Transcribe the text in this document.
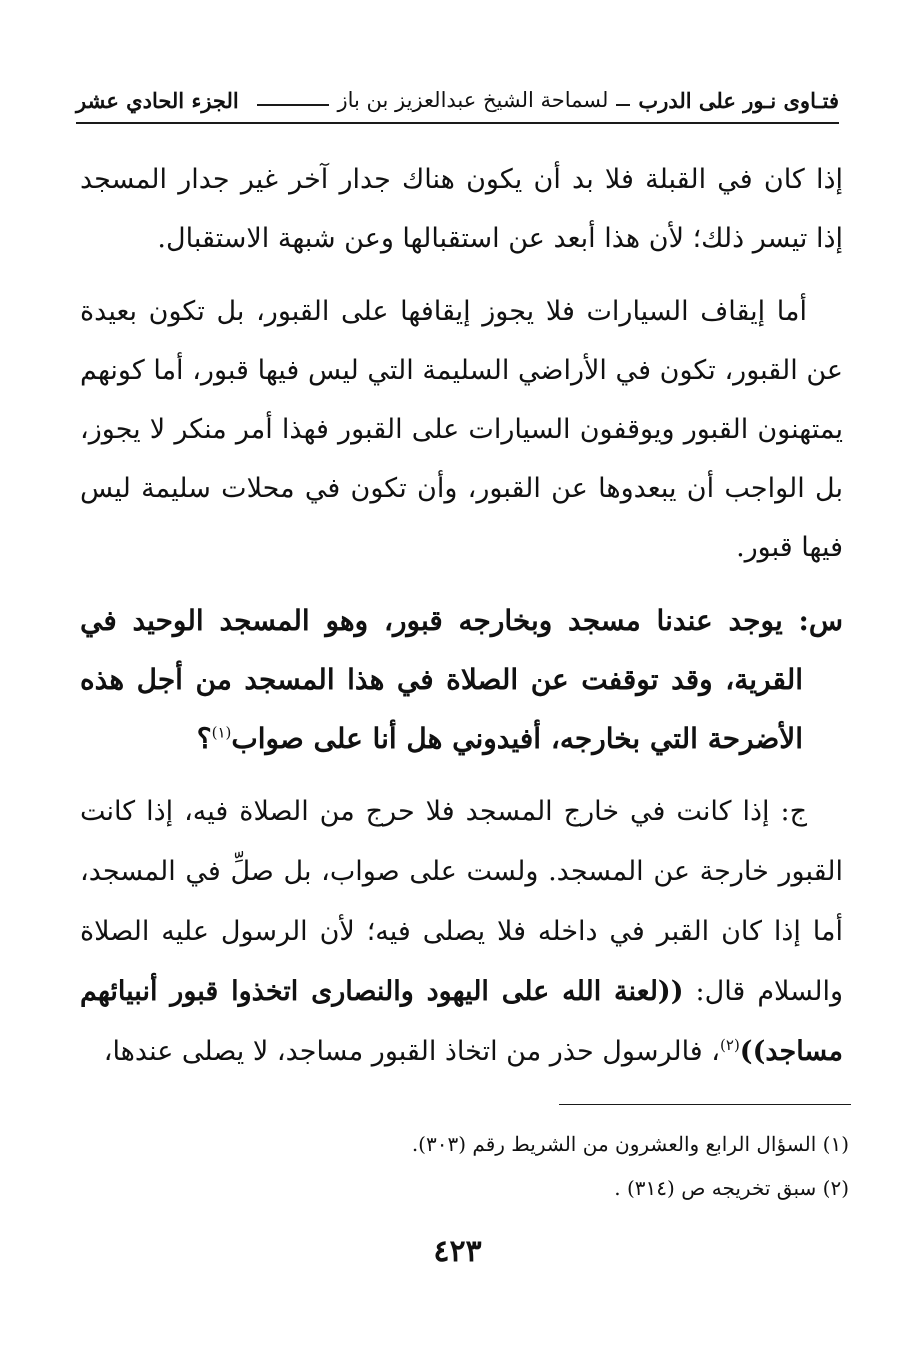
فتـاوى نـور على الدرب
لسماحة الشيخ عبدالعزيز بن باز
الجزء الحادي عشر

إذا كان في القبلة فلا بد أن يكون هناك جدار آخر غير جدار المسجد إذا تيسر ذلك؛ لأن هذا أبعد عن استقبالها وعن شبهة الاستقبال.

أما إيقاف السيارات فلا يجوز إيقافها على القبور، بل تكون بعيدة عن القبور، تكون في الأراضي السليمة التي ليس فيها قبور، أما كونهم يمتهنون القبور ويوقفون السيارات على القبور فهذا أمر منكر لا يجوز، بل الواجب أن يبعدوها عن القبور، وأن تكون في محلات سليمة ليس فيها قبور.

س: يوجد عندنا مسجد وبخارجه قبور، وهو المسجد الوحيد في القرية، وقد توقفت عن الصلاة في هذا المسجد من أجل هذه الأضرحة التي بخارجه، أفيدوني هل أنا على صواب$^{(١)}$؟

ج: إذا كانت في خارج المسجد فلا حرج من الصلاة فيه، إذا كانت القبور خارجة عن المسجد. ولست على صواب، بل صلِّ في المسجد، أما إذا كان القبر في داخله فلا يصلى فيه؛ لأن الرسول عليه الصلاة والسلام قال: ((لعنة الله على اليهود والنصارى اتخذوا قبور أنبيائهم مساجد))$^{(٢)}$، فالرسول حذر من اتخاذ القبور مساجد، لا يصلى عندها،

(١) السؤال الرابع والعشرون من الشريط رقم (٣٠٣).
(٢) سبق تخريجه ص (٣١٤) .
٤٢٣
